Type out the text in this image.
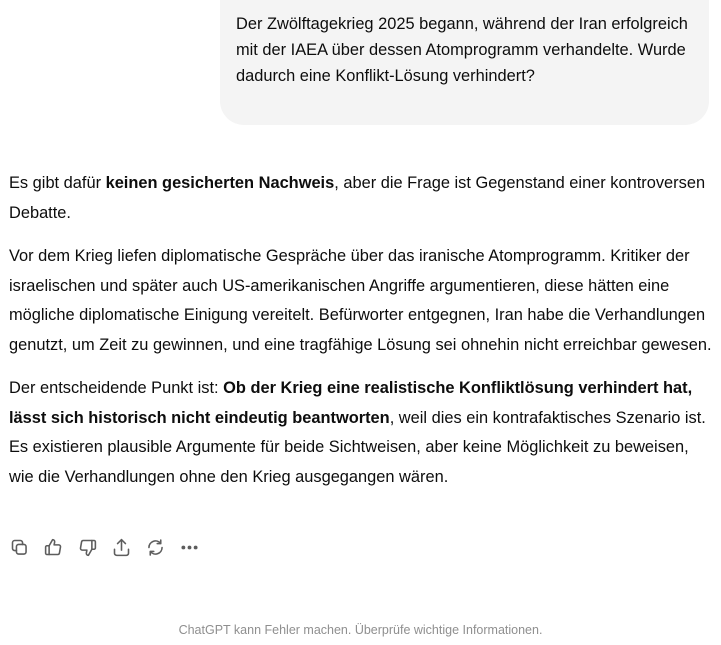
Der Zwölftagekrieg 2025 begann, während der Iran erfolgreich mit der IAEA über dessen Atomprogramm verhandelte. Wurde dadurch eine Konflikt-Lösung verhindert?

Es gibt dafür keinen gesicherten Nachweis, aber die Frage ist Gegenstand einer kontroversen Debatte.

Vor dem Krieg liefen diplomatische Gespräche über das iranische Atomprogramm. Kritiker der israelischen und später auch US-amerikanischen Angriffe argumentieren, diese hätten eine mögliche diplomatische Einigung vereitelt. Befürworter entgegnen, Iran habe die Verhandlungen genutzt, um Zeit zu gewinnen, und eine tragfähige Lösung sei ohnehin nicht erreichbar gewesen.

Der entscheidende Punkt ist: Ob der Krieg eine realistische Konfliktlösung verhindert hat, lässt sich historisch nicht eindeutig beantworten, weil dies ein kontrafaktisches Szenario ist. Es existieren plausible Argumente für beide Sichtweisen, aber keine Möglichkeit zu beweisen, wie die Verhandlungen ohne den Krieg ausgegangen wären.

ChatGPT kann Fehler machen. Überprüfe wichtige Informationen.
